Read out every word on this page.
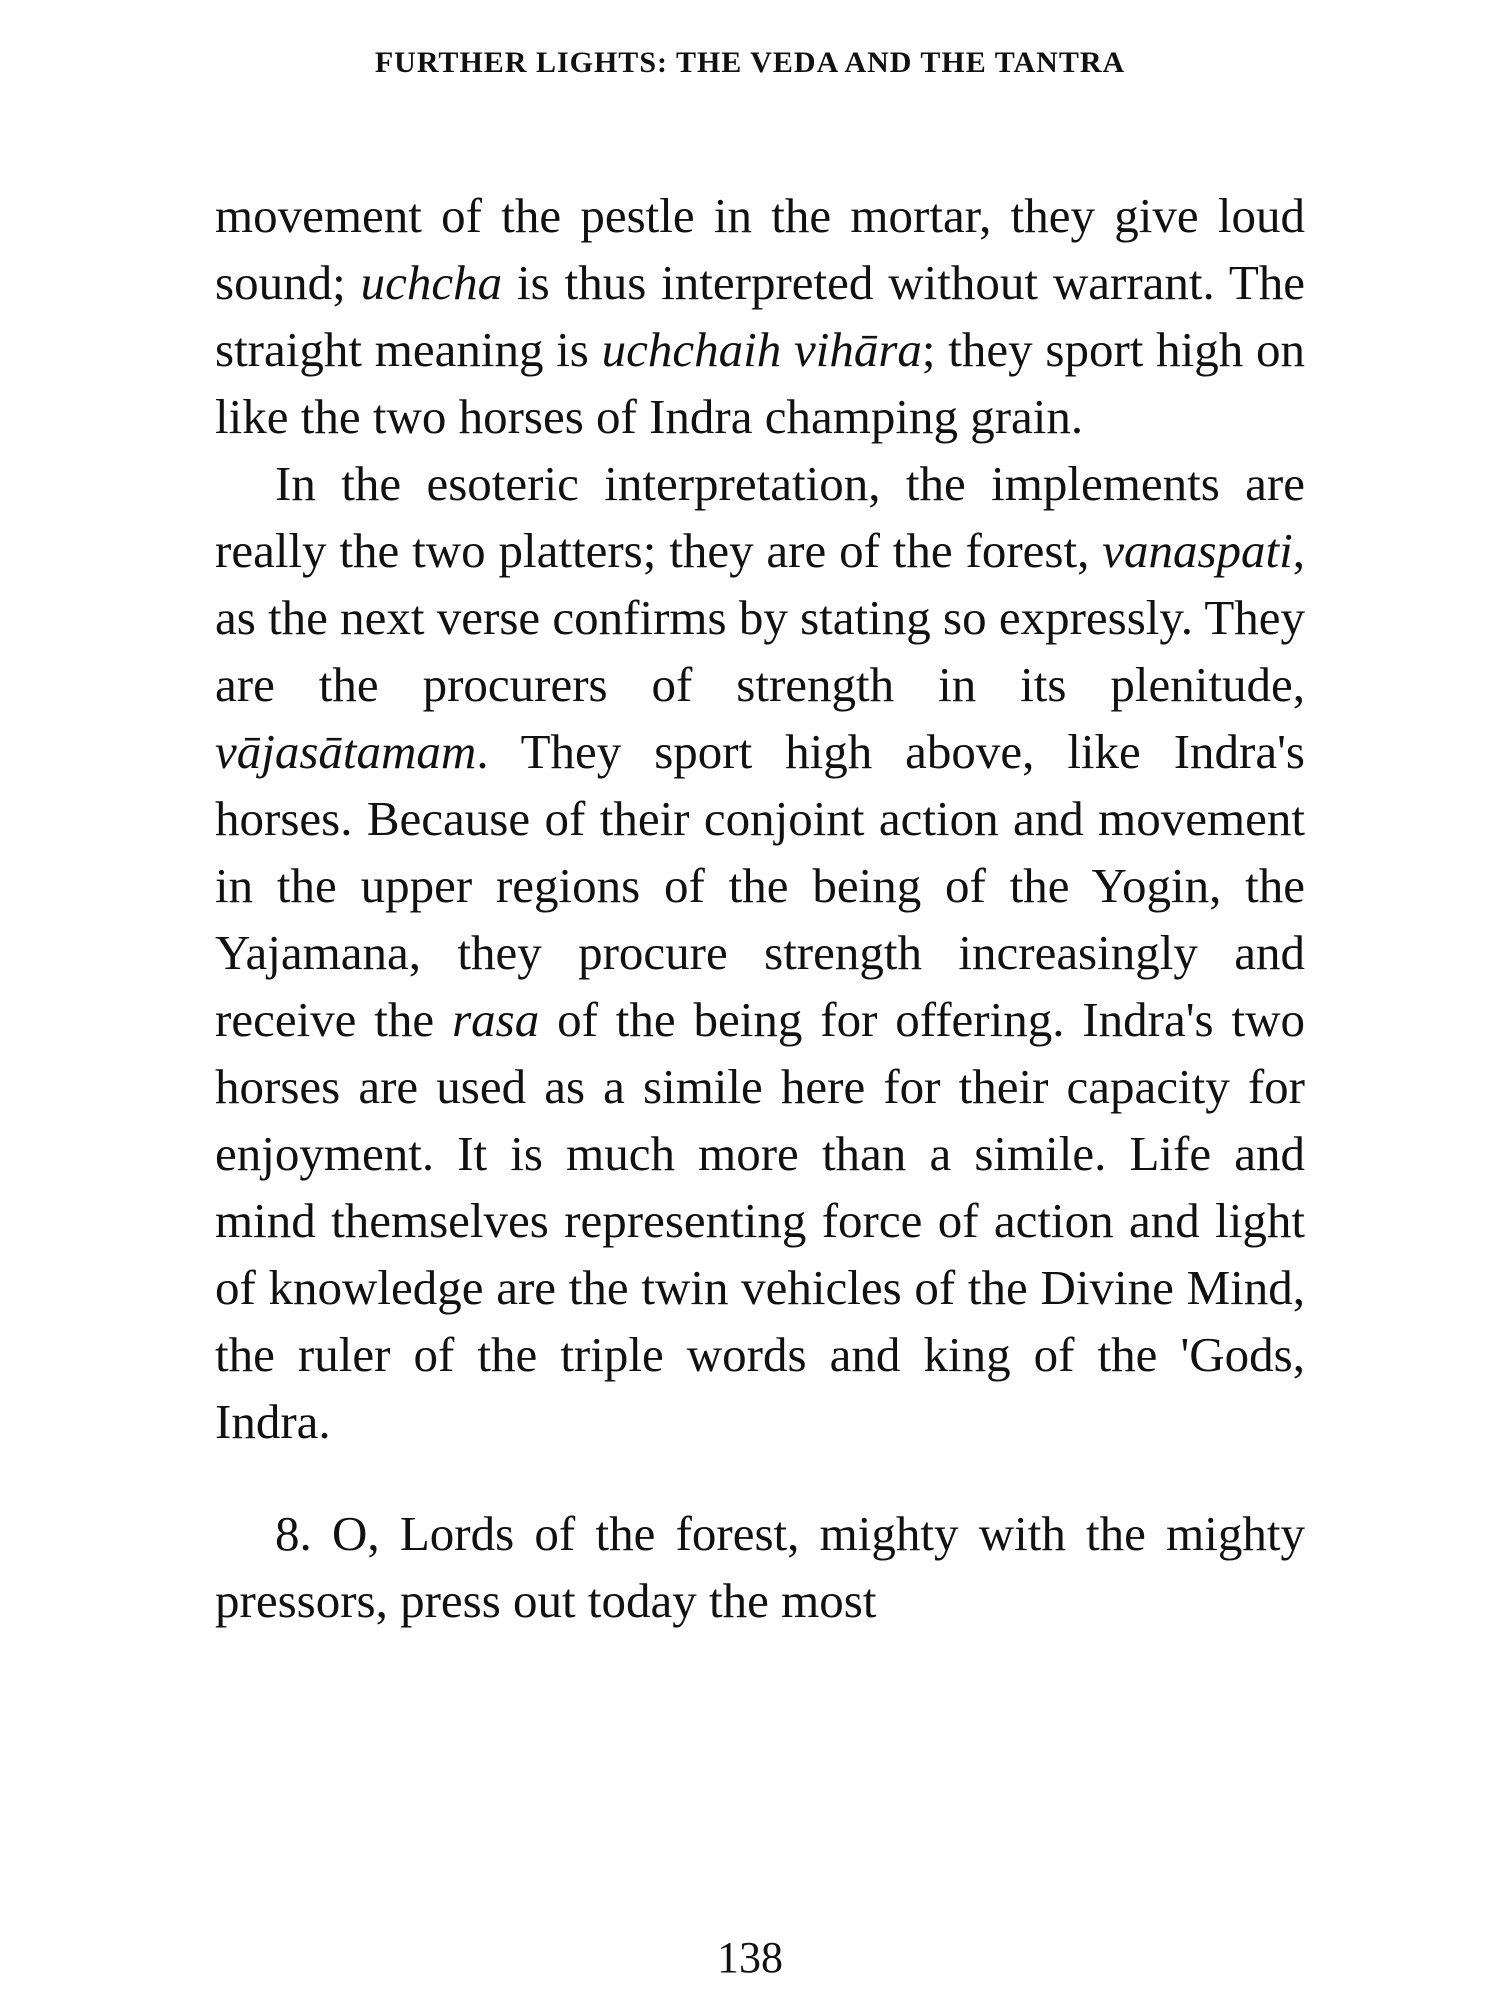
FURTHER LIGHTS: THE VEDA AND THE TANTRA

movement of the pestle in the mortar, they give loud sound; uchcha is thus interpreted without warrant. The straight meaning is uchchaih vihāra; they sport high on like the two horses of Indra champing grain.

In the esoteric interpretation, the implements are really the two platters; they are of the forest, vanaspati, as the next verse confirms by stating so expressly. They are the procurers of strength in its plenitude, vājasātamam. They sport high above, like Indra's horses. Because of their conjoint action and movement in the upper regions of the being of the Yogin, the Yajamana, they procure strength increasingly and receive the rasa of the being for offering. Indra's two horses are used as a simile here for their capacity for enjoyment. It is much more than a simile. Life and mind themselves representing force of action and light of knowledge are the twin vehicles of the Divine Mind, the ruler of the triple words and king of the 'Gods, Indra.

8. O, Lords of the forest, mighty with the mighty pressors, press out today the most

138
